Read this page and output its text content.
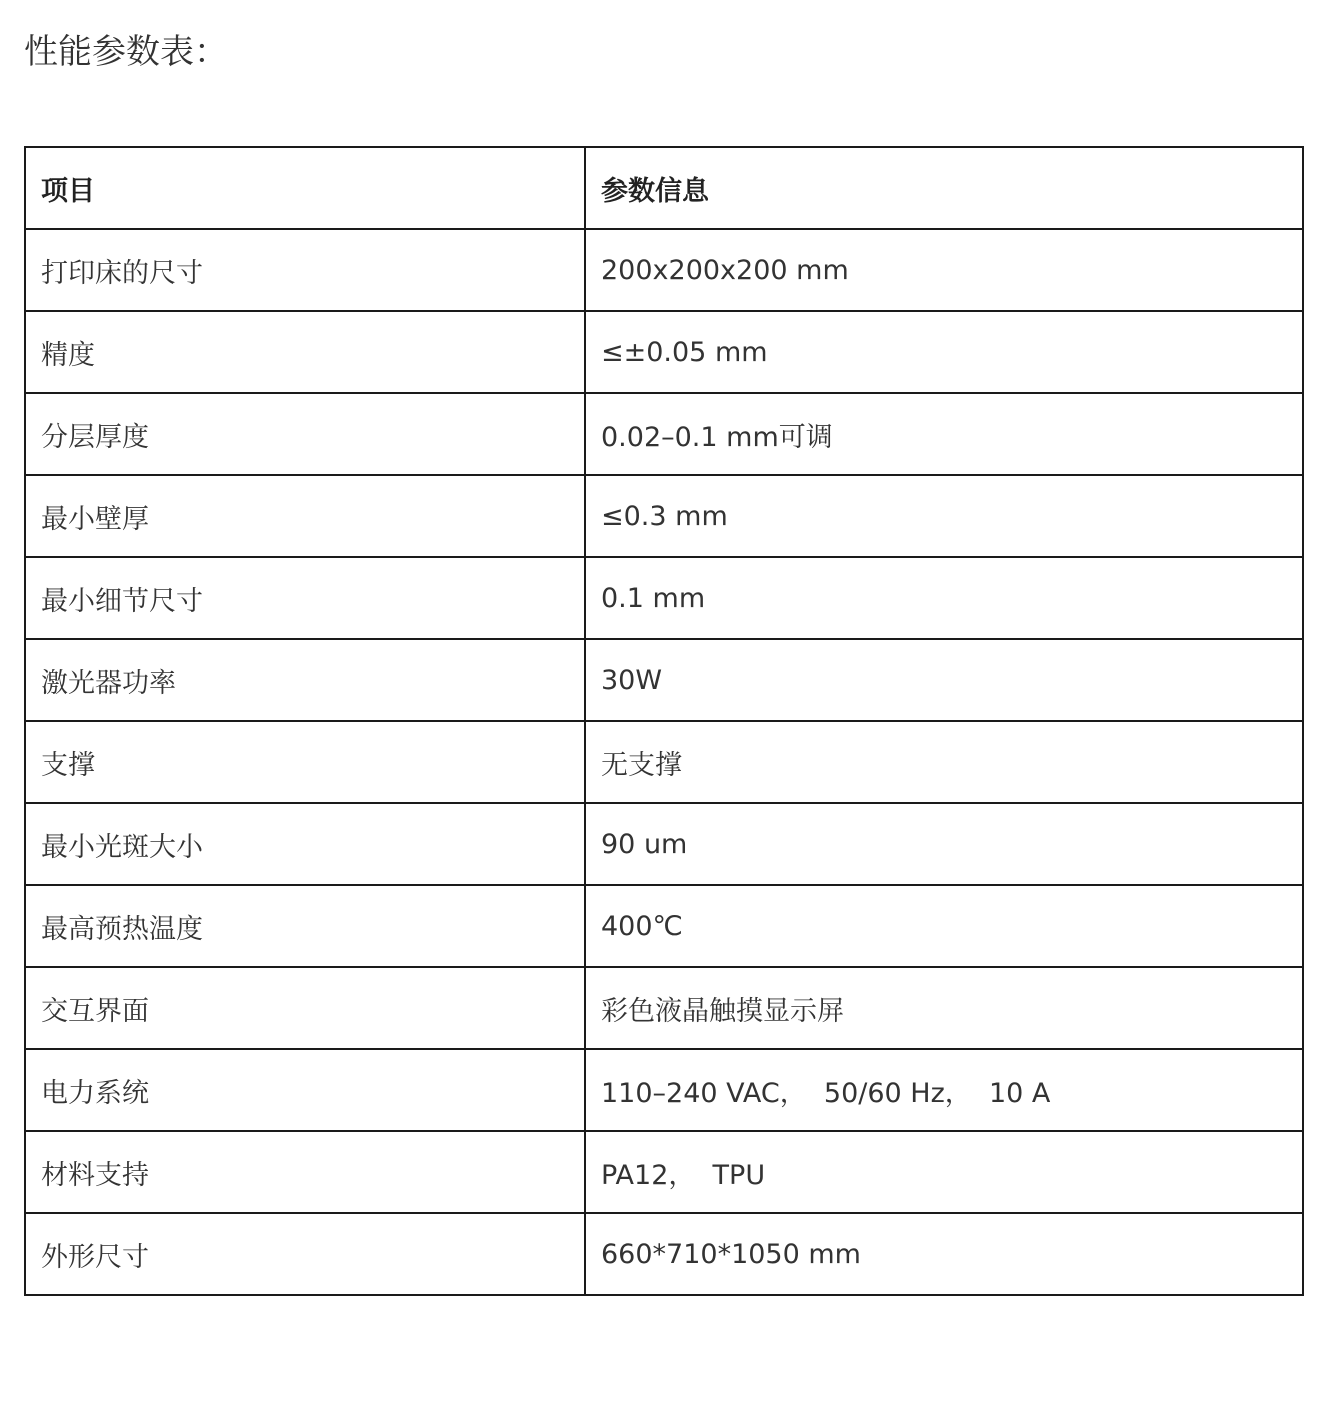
性能参数表：
项目	参数信息
打印床的尺寸	200x200x200 mm
精度	≤±0.05 mm
分层厚度	0.02–0.1 mm可调
最小壁厚	≤0.3 mm
最小细节尺寸	0.1 mm
激光器功率	30W
支撑	无支撑
最小光斑大小	90 um
最高预热温度	400℃
交互界面	彩色液晶触摸显示屏
电力系统	110–240 VAC，  50/60 Hz，  10 A
材料支持	PA12，  TPU
外形尺寸	660*710*1050 mm
